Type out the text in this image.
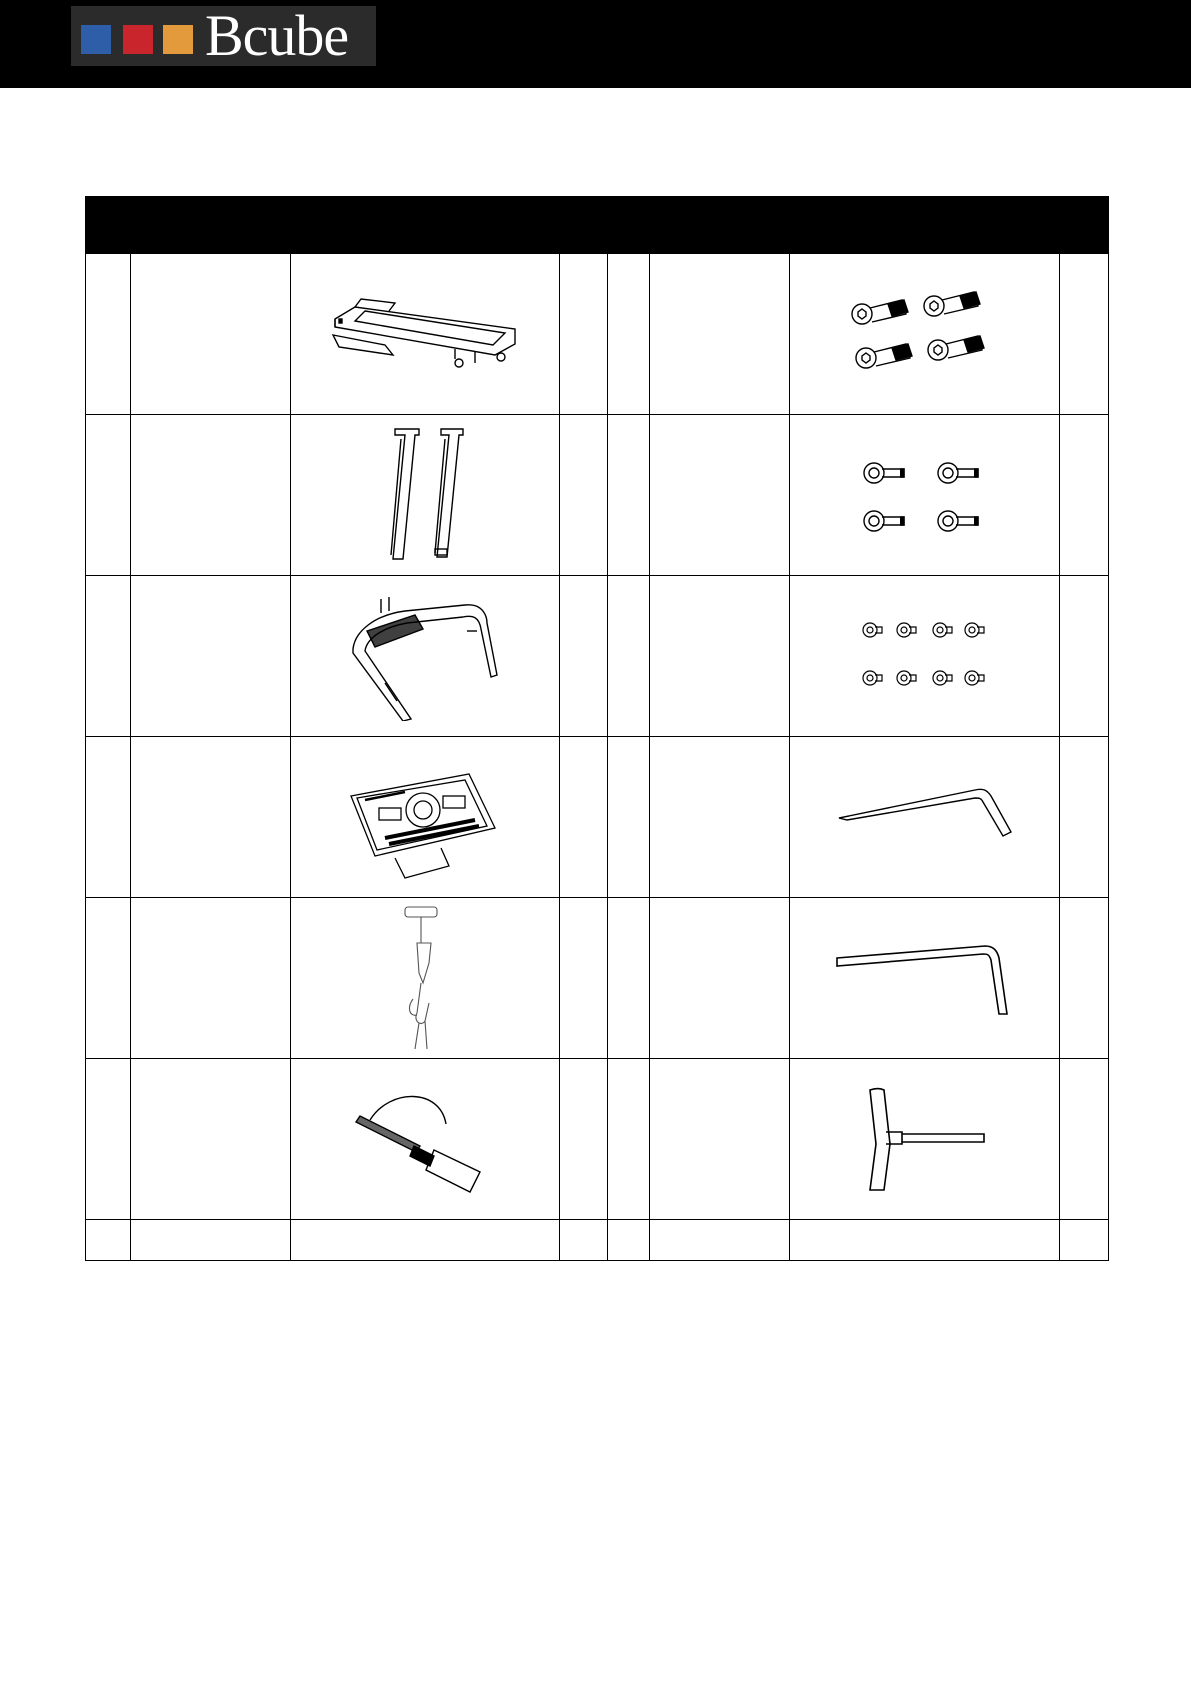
Bcube
